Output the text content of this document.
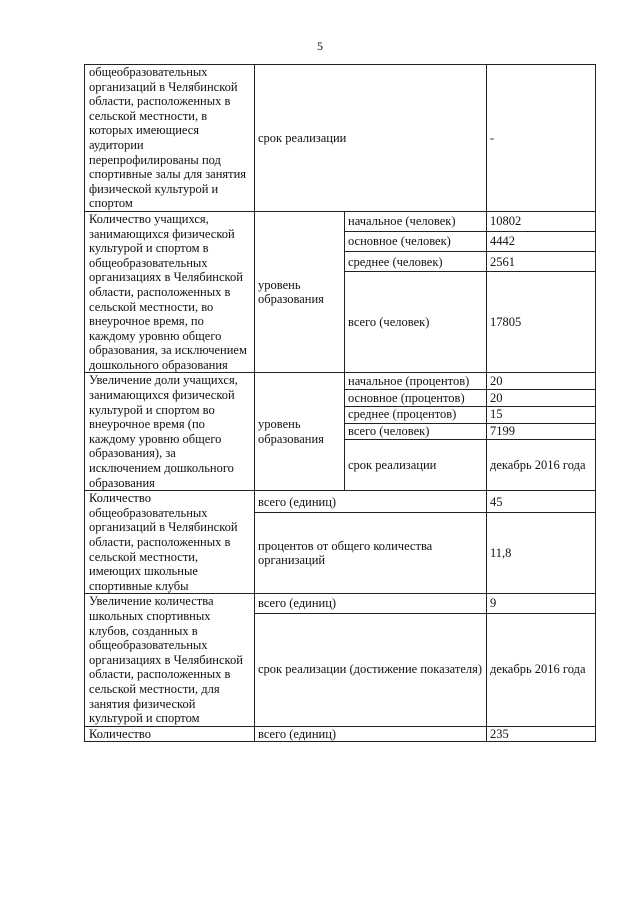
5
общеобразовательных организаций в Челябинской области, расположенных в сельской местности, в которых имеющиеся аудитории перепрофилированы под спортивные залы для занятия физической культурой и спортом	срок реализации		-
Количество учащихся, занимающихся физической культурой и спортом в общеобразовательных организациях в Челябинской области, расположенных в сельской местности, во внеурочное время, по каждому уровню общего образования, за исключением дошкольного образования	уровень образования	начальное (человек)	10802
		основное (человек)	4442
		среднее (человек)	2561
		всего (человек)	17805
Увеличение доли учащихся, занимающихся физической культурой и спортом во внеурочное время (по каждому уровню общего образования), за исключением дошкольного образования	уровень образования	начальное (процентов)	20
		основное (процентов)	20
		среднее (процентов)	15
		всего (человек)	7199
		срок реализации	декабрь 2016 года
Количество общеобразовательных организаций в Челябинской области, расположенных в сельской местности, имеющих школьные спортивные клубы	всего (единиц)		45
	процентов от общего количества организаций		11,8
Увеличение количества школьных спортивных клубов, созданных в общеобразовательных организациях в Челябинской области, расположенных в сельской местности, для занятия физической культурой и спортом	всего (единиц)		9
	срок реализации (достижение показателя)		декабрь 2016 года
Количество	всего (единиц)		235
